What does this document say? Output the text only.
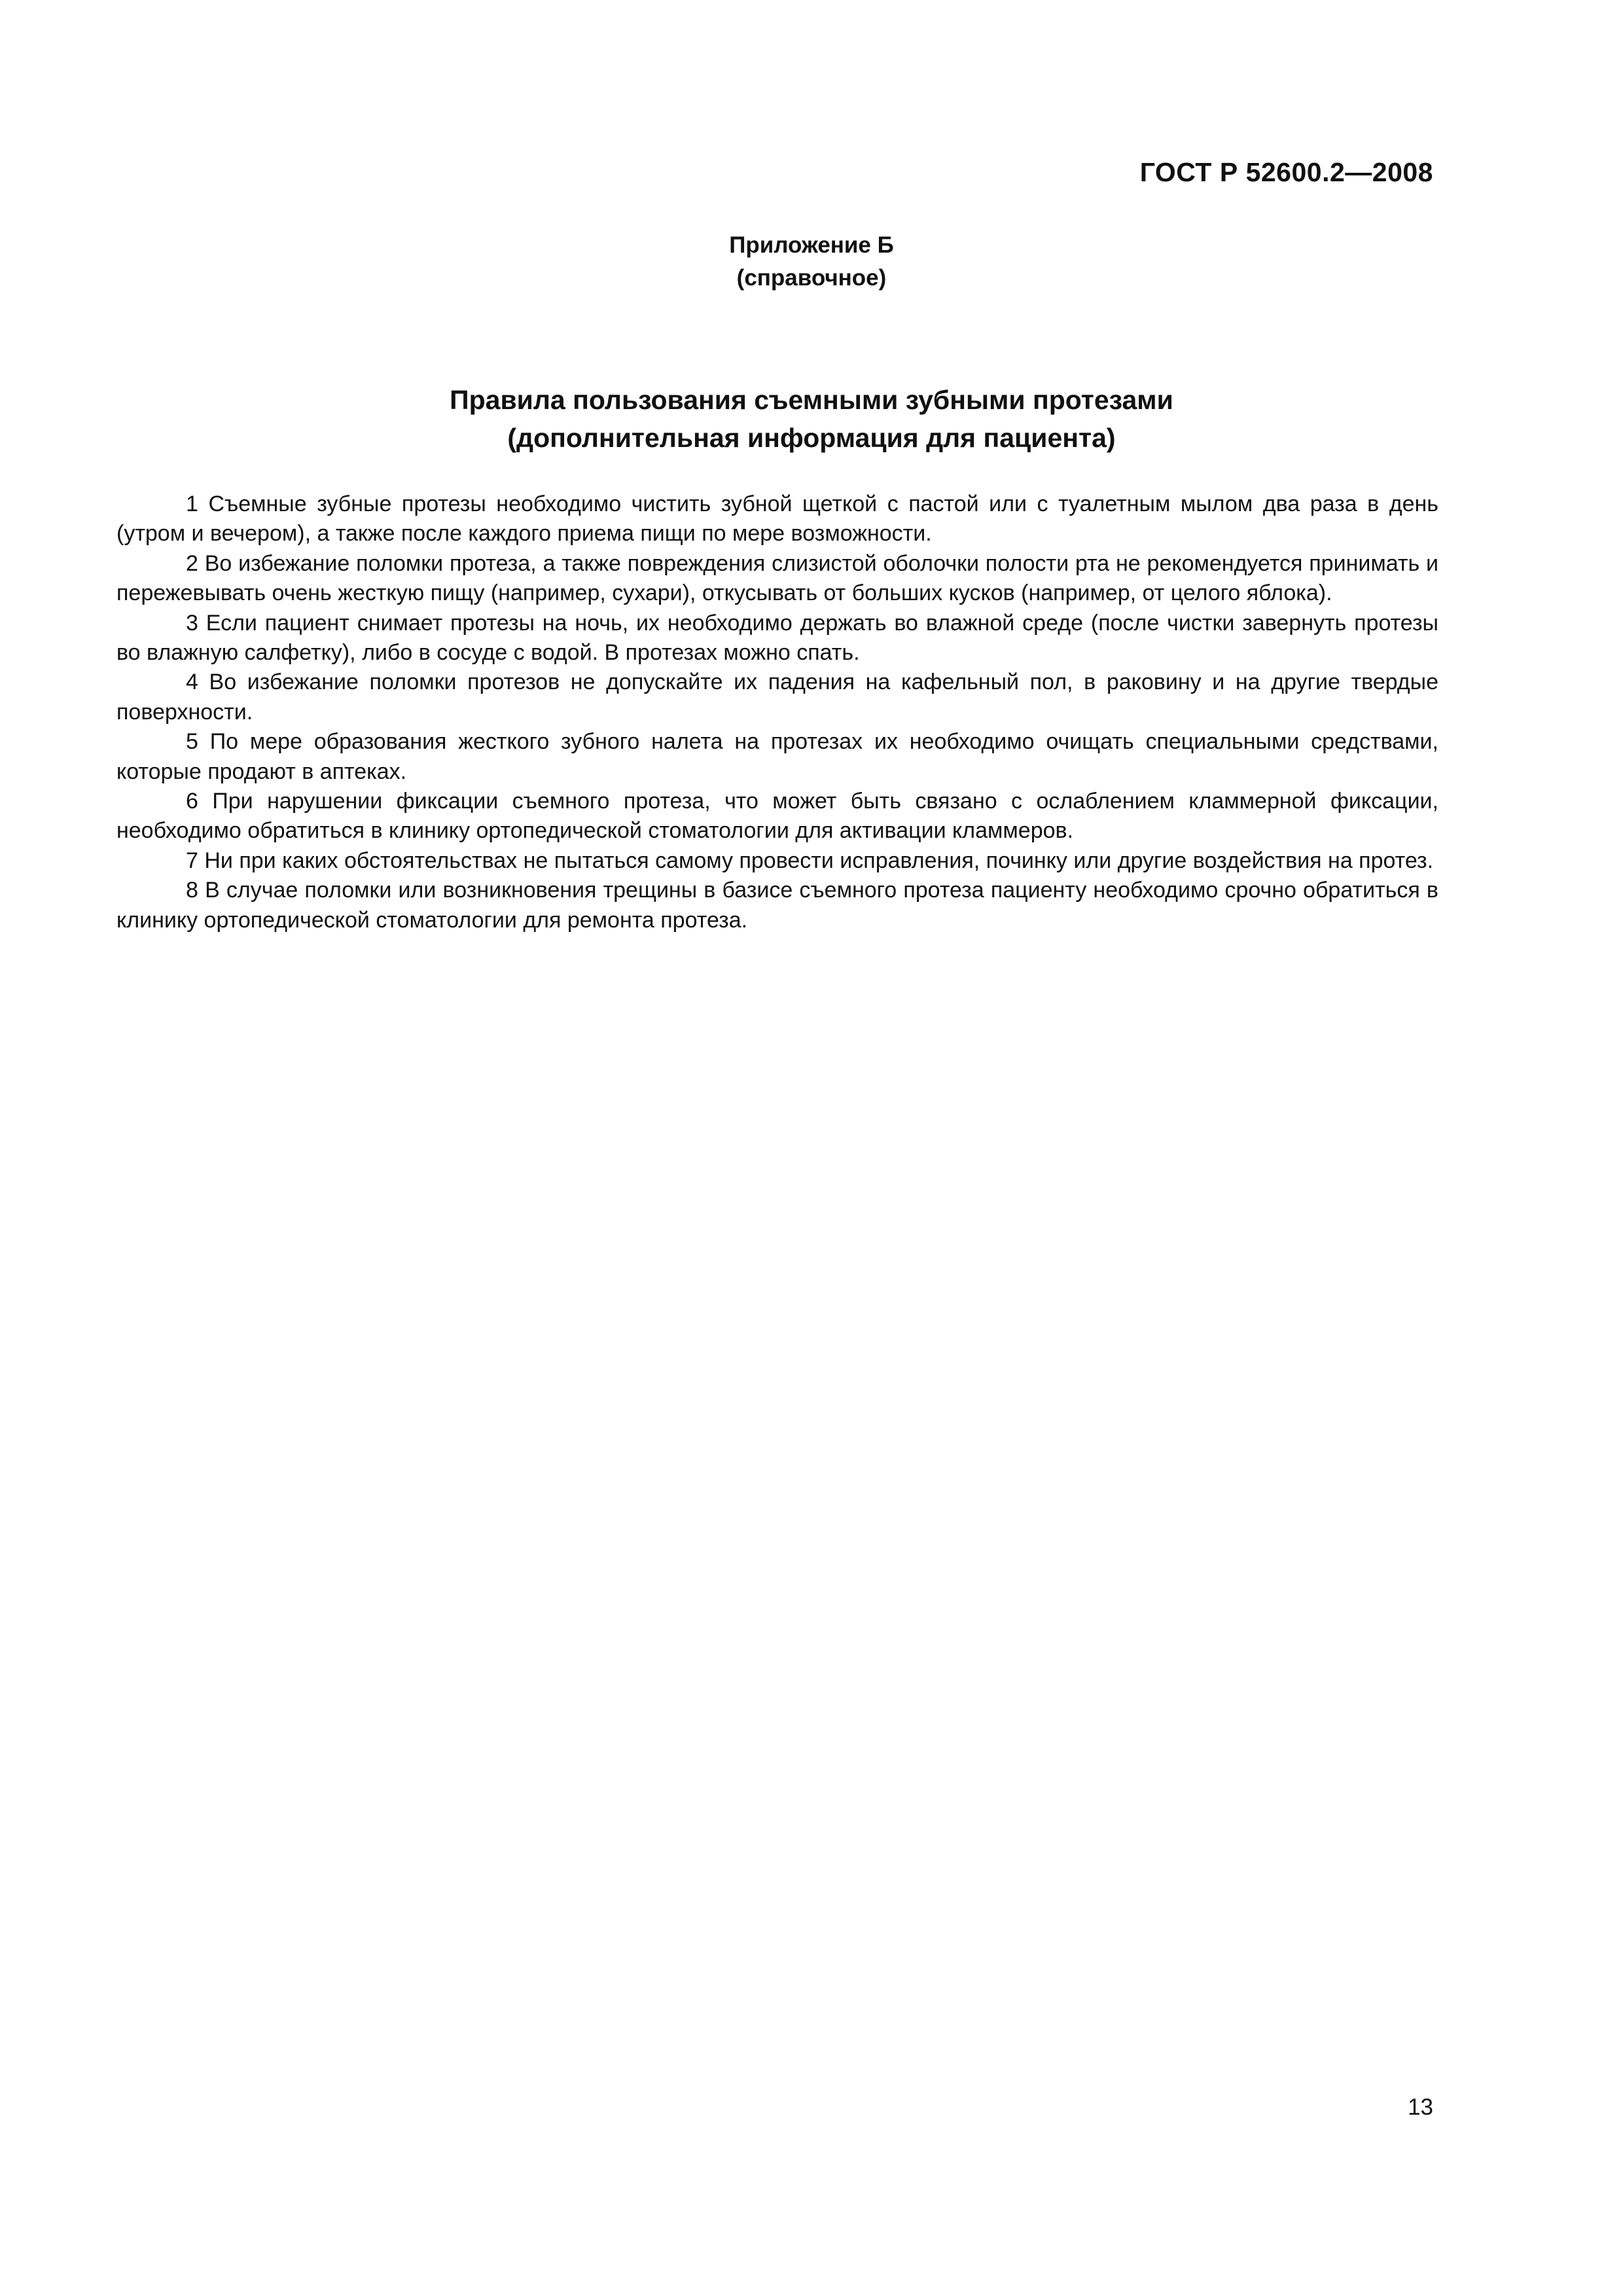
ГОСТ Р 52600.2—2008
Приложение Б
(справочное)
Правила пользования съемными зубными протезами
(дополнительная информация для пациента)

1 Съемные зубные протезы необходимо чистить зубной щеткой с пастой или с туалетным мылом два раза в день (утром и вечером), а также после каждого приема пищи по мере возможности.

2 Во избежание поломки протеза, а также повреждения слизистой оболочки полости рта не рекомендуется принимать и пережевывать очень жесткую пищу (например, сухари), откусывать от больших кусков (например, от целого яблока).

3 Если пациент снимает протезы на ночь, их необходимо держать во влажной среде (после чистки завернуть протезы во влажную салфетку), либо в сосуде с водой. В протезах можно спать.

4 Во избежание поломки протезов не допускайте их падения на кафельный пол, в раковину и на другие твердые поверхности.

5 По мере образования жесткого зубного налета на протезах их необходимо очищать специальными средствами, которые продают в аптеках.

6 При нарушении фиксации съемного протеза, что может быть связано с ослаблением кламмерной фиксации, необходимо обратиться в клинику ортопедической стоматологии для активации кламмеров.

7 Ни при каких обстоятельствах не пытаться самому провести исправления, починку или другие воздействия на протез.

8 В случае поломки или возникновения трещины в базисе съемного протеза пациенту необходимо срочно обратиться в клинику ортопедической стоматологии для ремонта протеза.

13
